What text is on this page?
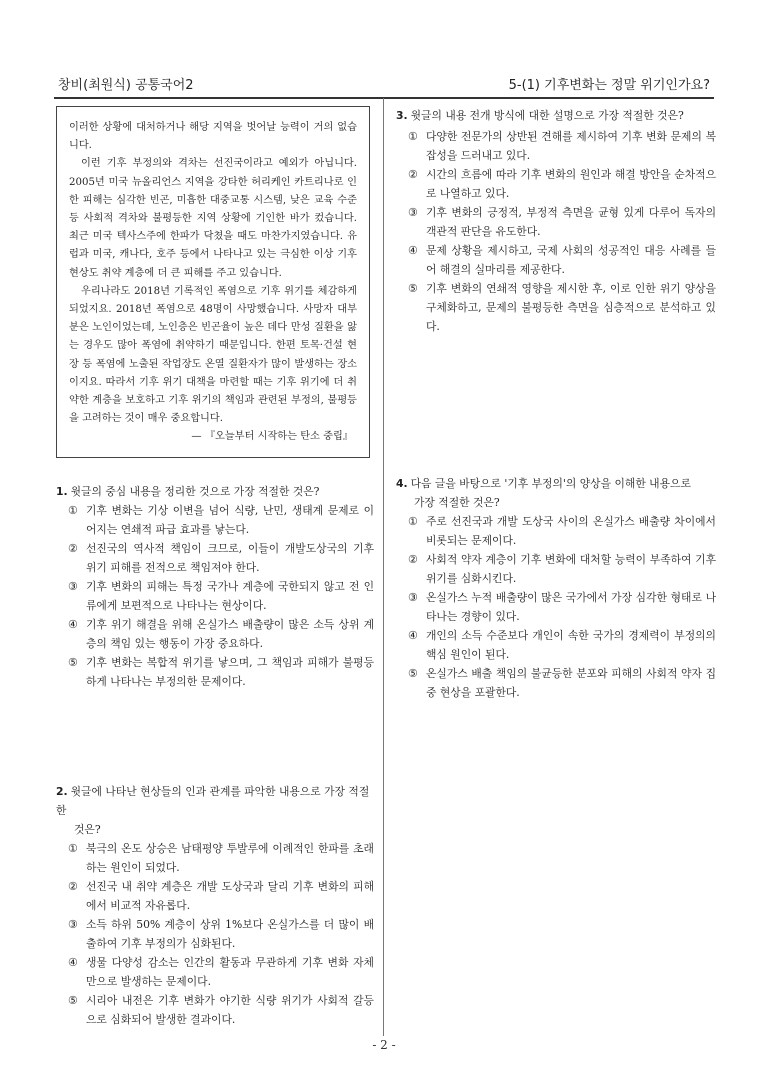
창비(최원식) 공통국어2	5-(1) 기후변화는 정말 위기인가요?

이러한 상황에 대처하거나 해당 지역을 벗어날 능력이 거의 없습니다.

이런 기후 부정의와 격차는 선진국이라고 예외가 아닙니다. 2005년 미국 뉴올리언스 지역을 강타한 허리케인 카트리나로 인한 피해는 심각한 빈곤, 미흡한 대중교통 시스템, 낮은 교육 수준 등 사회적 격차와 불평등한 지역 상황에 기인한 바가 컸습니다. 최근 미국 텍사스주에 한파가 닥쳤을 때도 마찬가지였습니다. 유럽과 미국, 캐나다, 호주 등에서 나타나고 있는 극심한 이상 기후 현상도 취약 계층에 더 큰 피해를 주고 있습니다.

우리나라도 2018년 기록적인 폭염으로 기후 위기를 체감하게 되었지요. 2018년 폭염으로 48명이 사망했습니다. 사망자 대부분은 노인이었는데, 노인층은 빈곤율이 높은 데다 만성 질환을 앓는 경우도 많아 폭염에 취약하기 때문입니다. 한편 토목·건설 현장 등 폭염에 노출된 작업장도 온열 질환자가 많이 발생하는 장소이지요. 따라서 기후 위기 대책을 마련할 때는 기후 위기에 더 취약한 계층을 보호하고 기후 위기의 책임과 관련된 부정의, 불평등을 고려하는 것이 매우 중요합니다.

— 『오늘부터 시작하는 탄소 중립』

1. 윗글의 중심 내용을 정리한 것으로 가장 적절한 것은?

① 기후 변화는 기상 이변을 넘어 식량, 난민, 생태계 문제로 이어지는 연쇄적 파급 효과를 낳는다.
② 선진국의 역사적 책임이 크므로, 이들이 개발도상국의 기후 위기 피해를 전적으로 책임져야 한다.
③ 기후 변화의 피해는 특정 국가나 계층에 국한되지 않고 전 인류에게 보편적으로 나타나는 현상이다.
④ 기후 위기 해결을 위해 온실가스 배출량이 많은 소득 상위 계층의 책임 있는 행동이 가장 중요하다.
⑤ 기후 변화는 복합적 위기를 낳으며, 그 책임과 피해가 불평등하게 나타나는 부정의한 문제이다.

2. 윗글에 나타난 현상들의 인과 관계를 파악한 내용으로 가장 적절한
것은?

① 북극의 온도 상승은 남태평양 투발루에 이례적인 한파를 초래하는 원인이 되었다.
② 선진국 내 취약 계층은 개발 도상국과 달리 기후 변화의 피해에서 비교적 자유롭다.
③ 소득 하위 50% 계층이 상위 1%보다 온실가스를 더 많이 배출하여 기후 부정의가 심화된다.
④ 생물 다양성 감소는 인간의 활동과 무관하게 기후 변화 자체만으로 발생하는 문제이다.
⑤ 시리아 내전은 기후 변화가 야기한 식량 위기가 사회적 갈등으로 심화되어 발생한 결과이다.

3. 윗글의 내용 전개 방식에 대한 설명으로 가장 적절한 것은?

① 다양한 전문가의 상반된 견해를 제시하여 기후 변화 문제의 복잡성을 드러내고 있다.
② 시간의 흐름에 따라 기후 변화의 원인과 해결 방안을 순차적으로 나열하고 있다.
③ 기후 변화의 긍정적, 부정적 측면을 균형 있게 다루어 독자의 객관적 판단을 유도한다.
④ 문제 상황을 제시하고, 국제 사회의 성공적인 대응 사례를 들어 해결의 실마리를 제공한다.
⑤ 기후 변화의 연쇄적 영향을 제시한 후, 이로 인한 위기 양상을 구체화하고, 문제의 불평등한 측면을 심층적으로 분석하고 있다.

4. 다음 글을 바탕으로 '기후 부정의'의 양상을 이해한 내용으로
가장 적절한 것은?

① 주로 선진국과 개발 도상국 사이의 온실가스 배출량 차이에서 비롯되는 문제이다.
② 사회적 약자 계층이 기후 변화에 대처할 능력이 부족하여 기후 위기를 심화시킨다.
③ 온실가스 누적 배출량이 많은 국가에서 가장 심각한 형태로 나타나는 경향이 있다.
④ 개인의 소득 수준보다 개인이 속한 국가의 경제력이 부정의의 핵심 원인이 된다.
⑤ 온실가스 배출 책임의 불균등한 분포와 피해의 사회적 약자 집중 현상을 포괄한다.
- 2 -
